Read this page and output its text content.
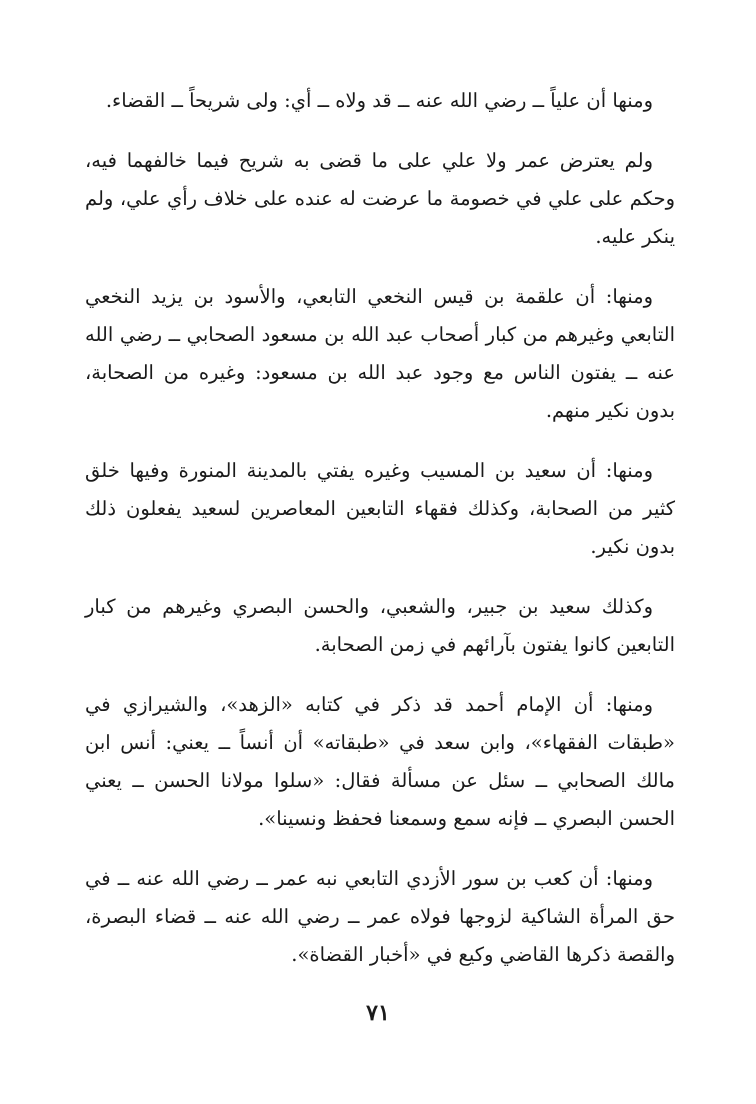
ومنها أن علياً ــ رضي الله عنه ــ قد ولاه ــ أي: ولى شريحاً ــ القضاء.

ولم يعترض عمر ولا علي على ما قضى به شريح فيما خالفهما فيه، وحكم على علي في خصومة ما عرضت له عنده على خلاف رأي علي، ولم ينكر عليه.

ومنها: أن علقمة بن قيس النخعي التابعي، والأسود بن يزيد النخعي التابعي وغيرهم من كبار أصحاب عبد الله بن مسعود الصحابي ــ رضي الله عنه ــ يفتون الناس مع وجود عبد الله بن مسعود: وغيره من الصحابة، بدون نكير منهم.

ومنها: أن سعيد بن المسيب وغيره يفتي بالمدينة المنورة وفيها خلق كثير من الصحابة، وكذلك فقهاء التابعين المعاصرين لسعيد يفعلون ذلك بدون نكير.

وكذلك سعيد بن جبير، والشعبي، والحسن البصري وغيرهم من كبار التابعين كانوا يفتون بآرائهم في زمن الصحابة.

ومنها: أن الإمام أحمد قد ذكر في كتابه «الزهد»، والشيرازي في «طبقات الفقهاء»، وابن سعد في «طبقاته» أن أنساً ــ يعني: أنس ابن مالك الصحابي ــ سئل عن مسألة فقال: «سلوا مولانا الحسن ــ يعني الحسن البصري ــ فإنه سمع وسمعنا فحفظ ونسينا».

ومنها: أن كعب بن سور الأزدي التابعي نبه عمر ــ رضي الله عنه ــ في حق المرأة الشاكية لزوجها فولاه عمر ــ رضي الله عنه ــ قضاء البصرة، والقصة ذكرها القاضي وكيع في «أخبار القضاة».

٧١
